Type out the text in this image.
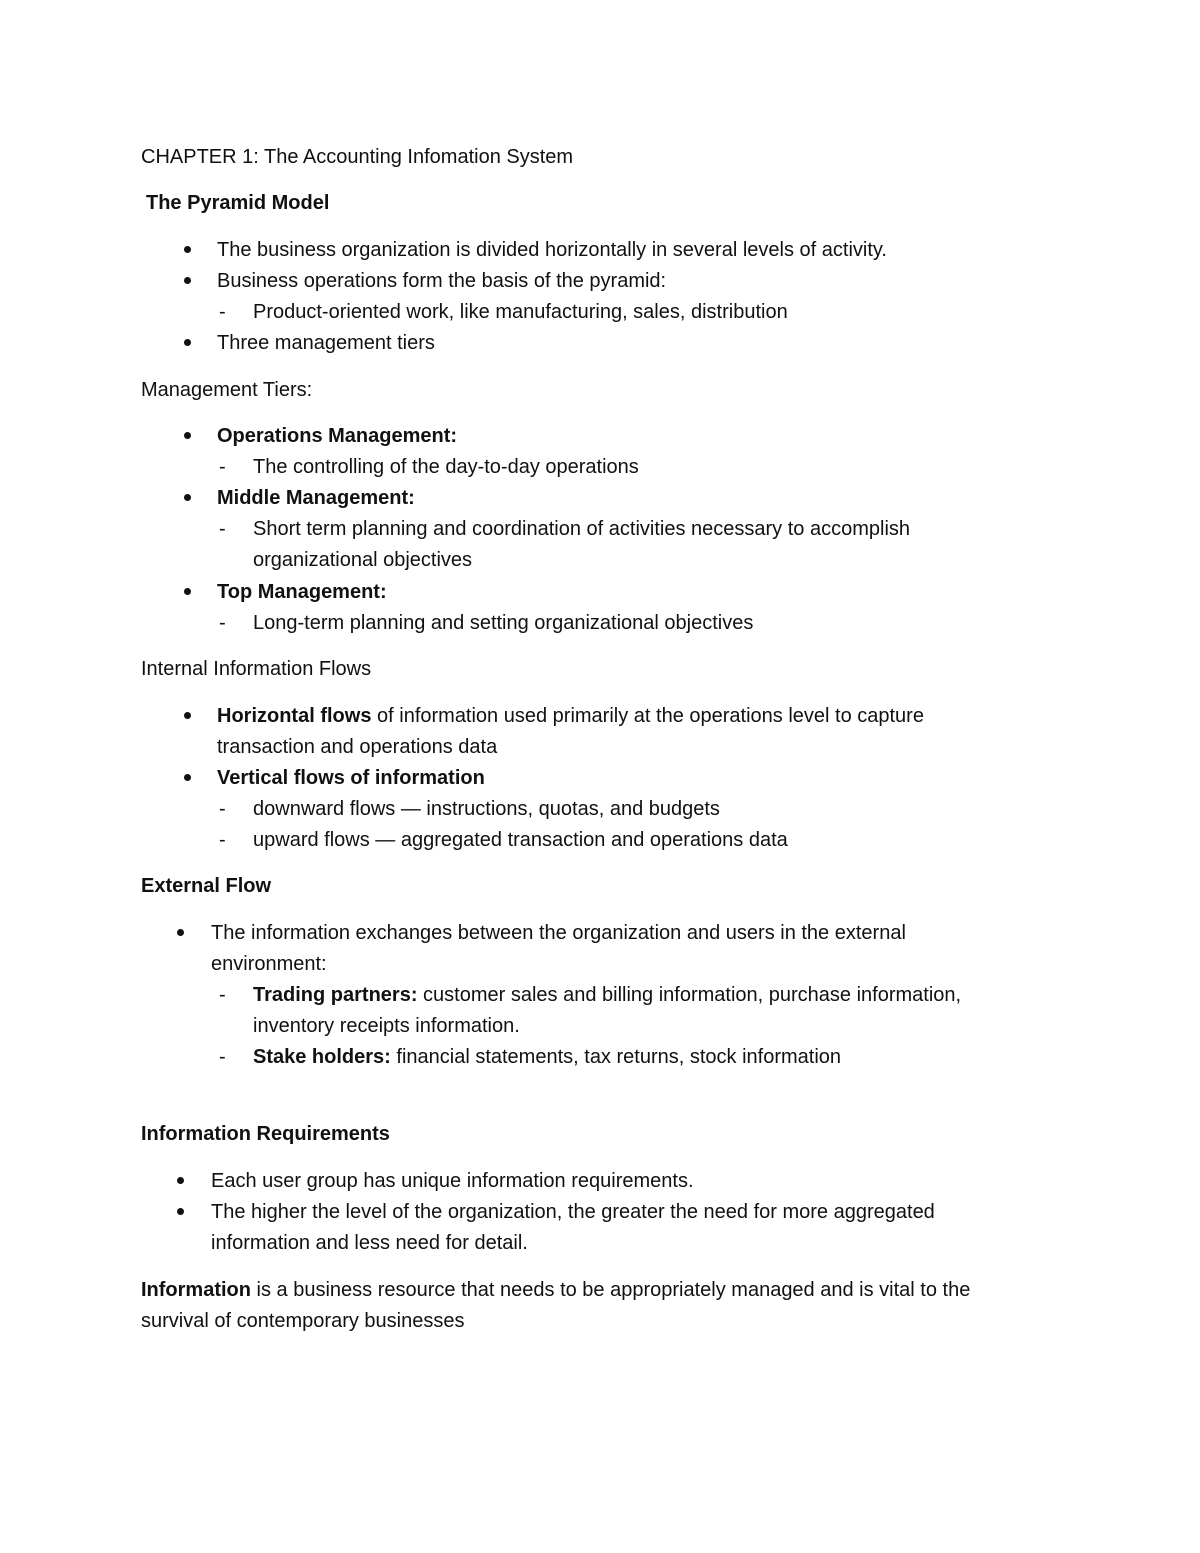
CHAPTER 1: The Accounting Infomation System

The Pyramid Model

The business organization is divided horizontally in several levels of activity.

Business operations form the basis of the pyramid:

- Product-oriented work, like manufacturing, sales, distribution

Three management tiers

Management Tiers:

Operations Management:

- The controlling of the day-to-day operations

Middle Management:

- Short term planning and coordination of activities necessary to accomplish

organizational objectives

Top Management:

- Long-term planning and setting organizational objectives

Internal Information Flows

Horizontal flows of information used primarily at the operations level to capture

transaction and operations data

Vertical flows of information

- downward flows — instructions, quotas, and budgets

- upward flows — aggregated transaction and operations data

External Flow

The information exchanges between the organization and users in the external

environment:

- Trading partners: customer sales and billing information, purchase information,

inventory receipts information.

- Stake holders: financial statements, tax returns, stock information

Information Requirements

Each user group has unique information requirements.

The higher the level of the organization, the greater the need for more aggregated

information and less need for detail.

Information is a business resource that needs to be appropriately managed and is vital to the

survival of contemporary businesses
